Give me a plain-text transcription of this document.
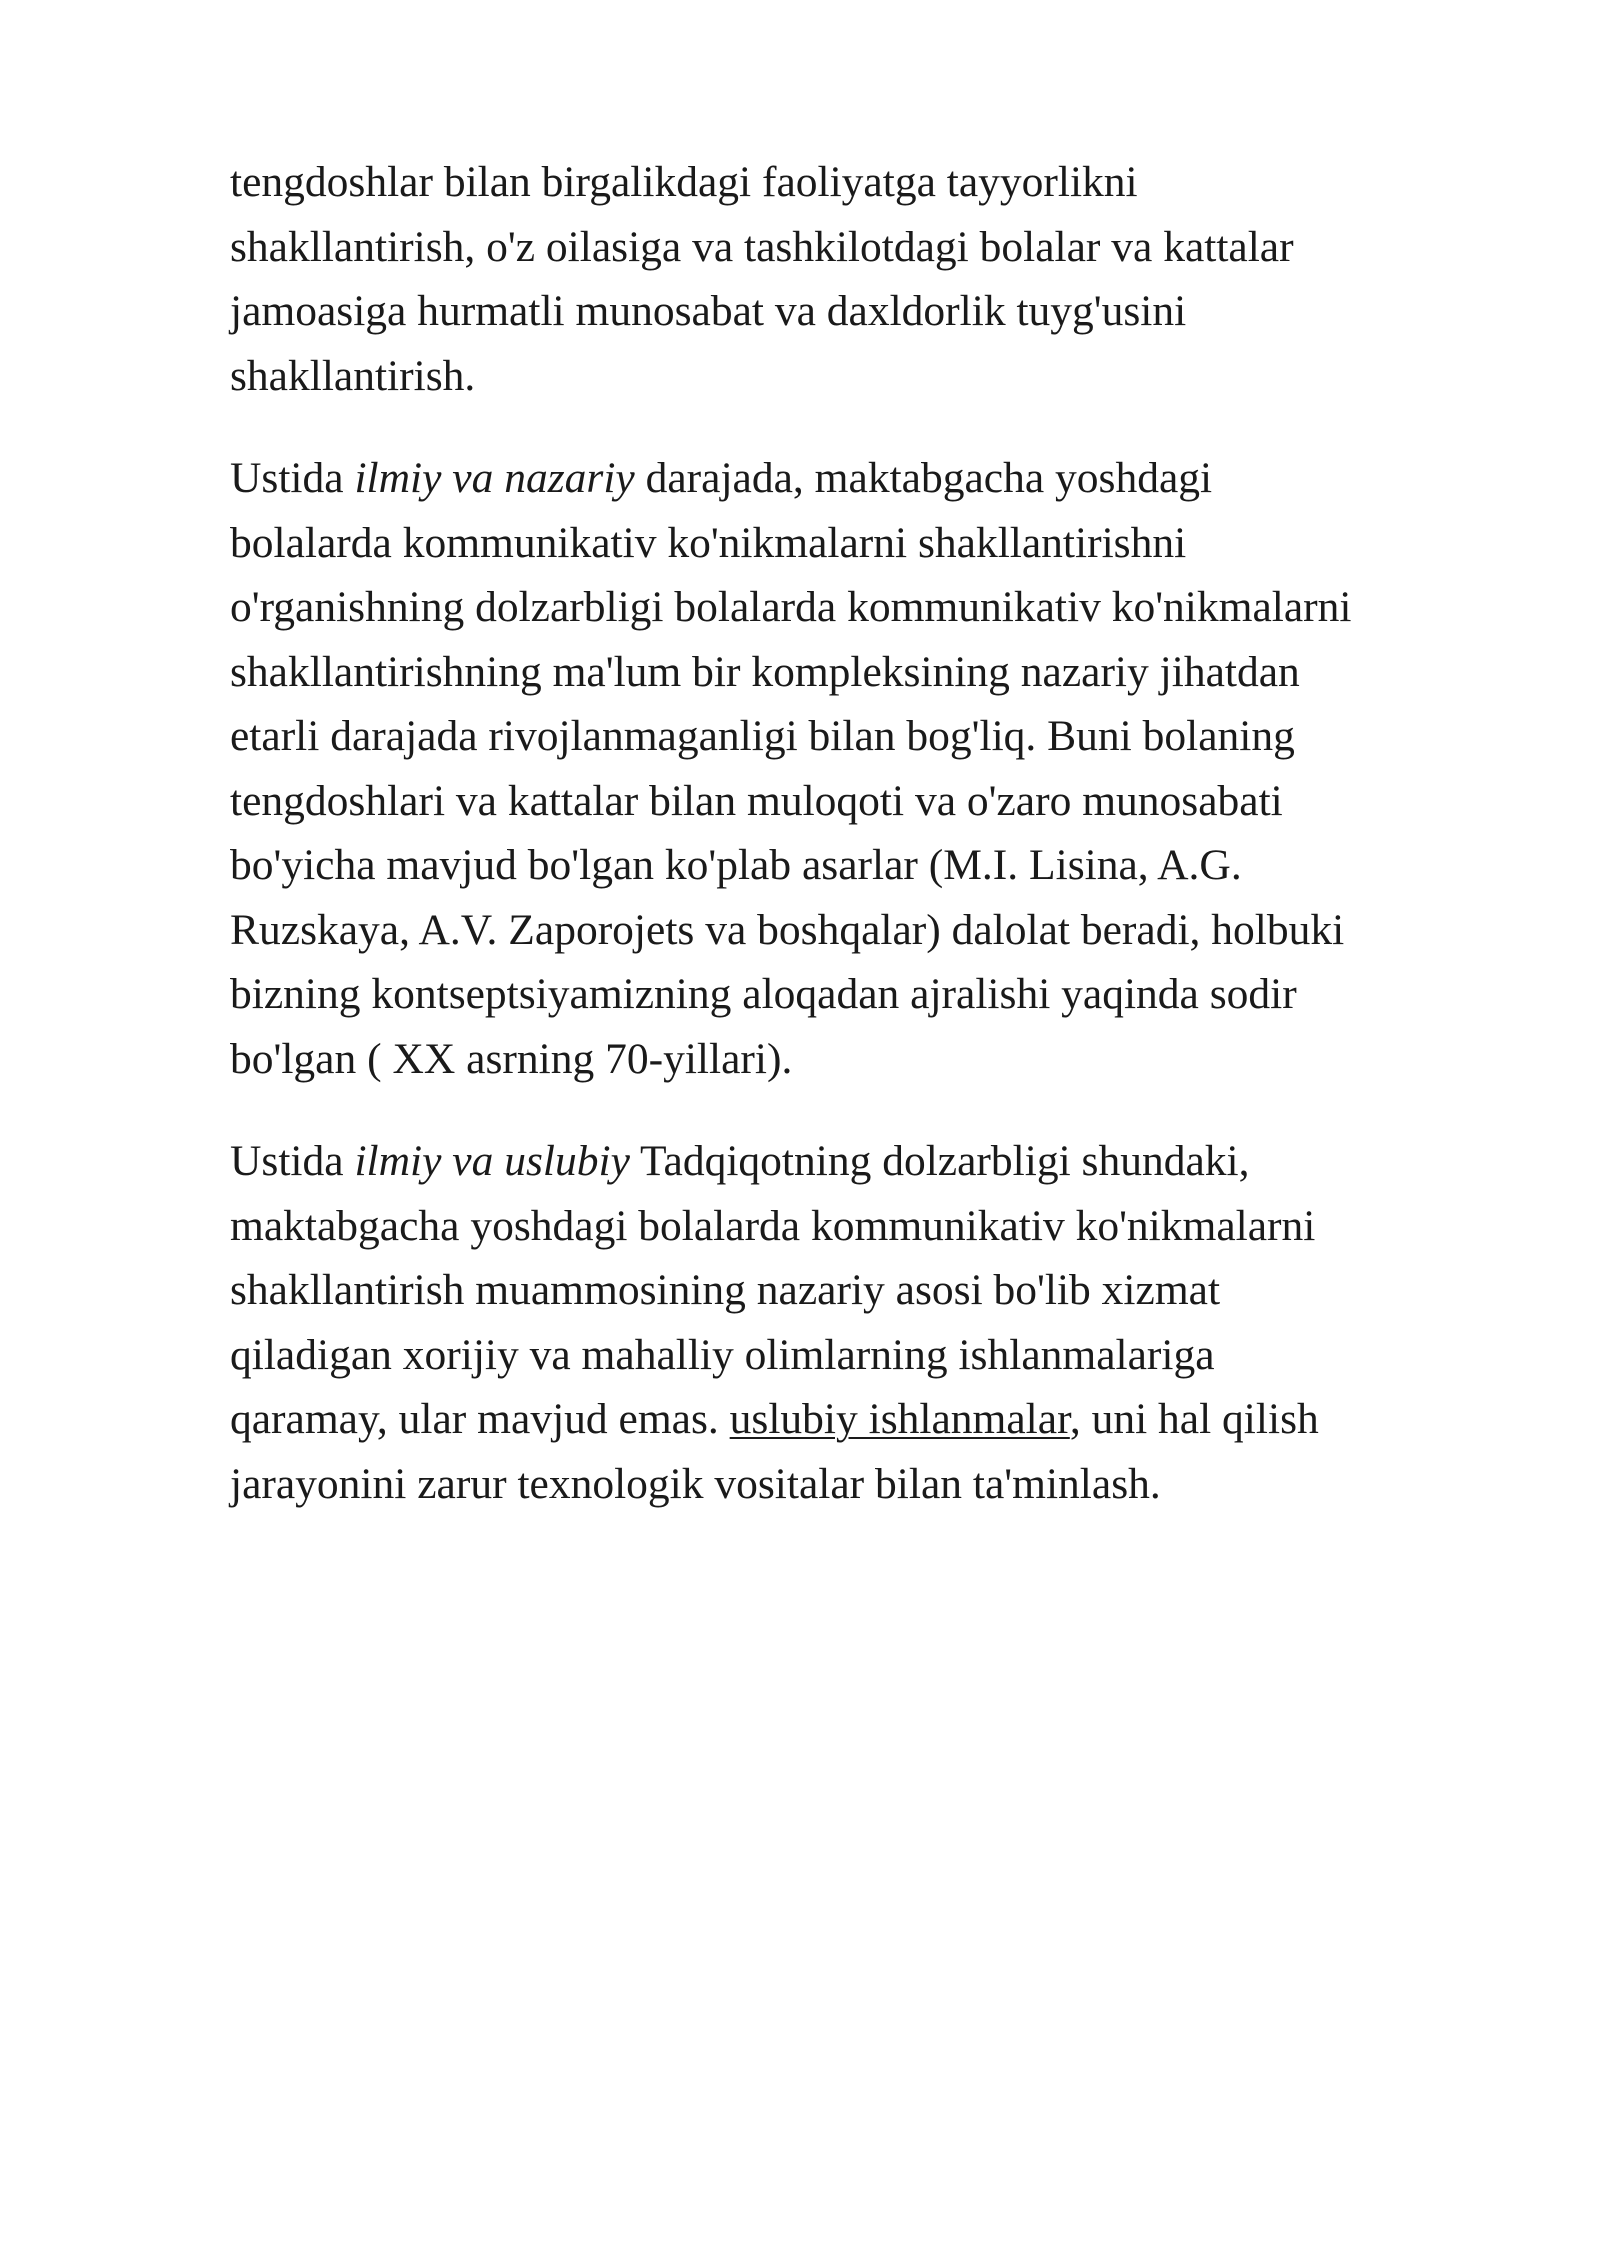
tengdoshlar bilan birgalikdagi faoliyatga tayyorlikni
shakllantirish, o'z oilasiga va tashkilotdagi bolalar va kattalar
jamoasiga hurmatli munosabat va daxldorlik tuyg'usini
shakllantirish.

Ustida ilmiy va nazariy darajada, maktabgacha yoshdagi
bolalarda kommunikativ ko'nikmalarni shakllantirishni
o'rganishning dolzarbligi bolalarda kommunikativ ko'nikmalarni
shakllantirishning ma'lum bir kompleksining nazariy jihatdan
etarli darajada rivojlanmaganligi bilan bog'liq. Buni bolaning
tengdoshlari va kattalar bilan muloqoti va o'zaro munosabati
bo'yicha mavjud bo'lgan ko'plab asarlar (M.I. Lisina, A.G.
Ruzskaya, A.V. Zaporojets va boshqalar) dalolat beradi, holbuki
bizning kontseptsiyamizning aloqadan ajralishi yaqinda sodir
bo'lgan ( XX asrning 70-yillari).

Ustida ilmiy va uslubiy Tadqiqotning dolzarbligi shundaki,
maktabgacha yoshdagi bolalarda kommunikativ ko'nikmalarni
shakllantirish muammosining nazariy asosi bo'lib xizmat
qiladigan xorijiy va mahalliy olimlarning ishlanmalariga
qaramay, ular mavjud emas. uslubiy ishlanmalar, uni hal qilish
jarayonini zarur texnologik vositalar bilan ta'minlash.
